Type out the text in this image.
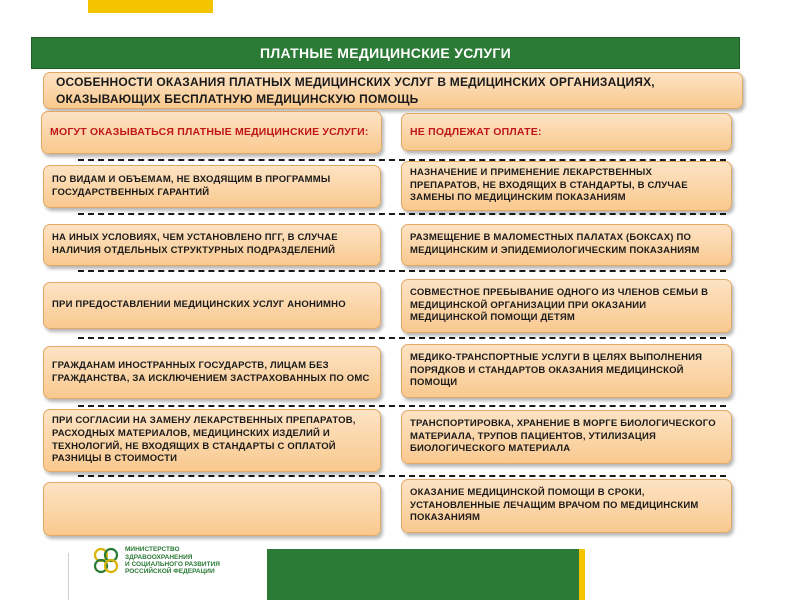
ПЛАТНЫЕ МЕДИЦИНСКИЕ УСЛУГИ
ОСОБЕННОСТИ ОКАЗАНИЯ ПЛАТНЫХ МЕДИЦИНСКИХ УСЛУГ В МЕДИЦИНСКИХ ОРГАНИЗАЦИЯХ, ОКАЗЫВАЮЩИХ БЕСПЛАТНУЮ МЕДИЦИНСКУЮ ПОМОЩЬ
МОГУТ ОКАЗЫВАТЬСЯ ПЛАТНЫЕ МЕДИЦИНСКИЕ УСЛУГИ:	НЕ ПОДЛЕЖАТ ОПЛАТЕ:
ПО ВИДАМ И ОБЪЕМАМ, НЕ ВХОДЯЩИМ В ПРОГРАММЫ ГОСУДАРСТВЕННЫХ ГАРАНТИЙ
НА ИНЫХ УСЛОВИЯХ, ЧЕМ УСТАНОВЛЕНО ПГГ, В СЛУЧАЕ НАЛИЧИЯ ОТДЕЛЬНЫХ СТРУКТУРНЫХ ПОДРАЗДЕЛЕНИЙ
ПРИ ПРЕДОСТАВЛЕНИИ МЕДИЦИНСКИХ УСЛУГ АНОНИМНО
ГРАЖДАНАМ ИНОСТРАННЫХ ГОСУДАРСТВ, ЛИЦАМ БЕЗ ГРАЖДАНСТВА, ЗА ИСКЛЮЧЕНИЕМ ЗАСТРАХОВАННЫХ ПО ОМС
ПРИ СОГЛАСИИ НА ЗАМЕНУ ЛЕКАРСТВЕННЫХ ПРЕПАРАТОВ, РАСХОДНЫХ МАТЕРИАЛОВ, МЕДИЦИНСКИХ ИЗДЕЛИЙ И ТЕХНОЛОГИЙ, НЕ ВХОДЯЩИХ В СТАНДАРТЫ С ОПЛАТОЙ РАЗНИЦЫ В СТОИМОСТИ
НАЗНАЧЕНИЕ И ПРИМЕНЕНИЕ ЛЕКАРСТВЕННЫХ ПРЕПАРАТОВ, НЕ ВХОДЯЩИХ В СТАНДАРТЫ, В СЛУЧАЕ ЗАМЕНЫ ПО МЕДИЦИНСКИМ ПОКАЗАНИЯМ
РАЗМЕЩЕНИЕ В МАЛОМЕСТНЫХ ПАЛАТАХ (БОКСАХ) ПО МЕДИЦИНСКИМ И ЭПИДЕМИОЛОГИЧЕСКИМ ПОКАЗАНИЯМ
СОВМЕСТНОЕ ПРЕБЫВАНИЕ ОДНОГО ИЗ ЧЛЕНОВ СЕМЬИ В МЕДИЦИНСКОЙ ОРГАНИЗАЦИИ ПРИ ОКАЗАНИИ МЕДИЦИНСКОЙ ПОМОЩИ ДЕТЯМ
МЕДИКО-ТРАНСПОРТНЫЕ УСЛУГИ В ЦЕЛЯХ ВЫПОЛНЕНИЯ ПОРЯДКОВ И СТАНДАРТОВ ОКАЗАНИЯ МЕДИЦИНСКОЙ ПОМОЩИ
ТРАНСПОРТИРОВКА, ХРАНЕНИЕ В МОРГЕ БИОЛОГИЧЕСКОГО МАТЕРИАЛА, ТРУПОВ ПАЦИЕНТОВ, УТИЛИЗАЦИЯ БИОЛОГИЧЕСКОГО МАТЕРИАЛА
ОКАЗАНИЕ МЕДИЦИНСКОЙ ПОМОЩИ В СРОКИ, УСТАНОВЛЕННЫЕ ЛЕЧАЩИМ ВРАЧОМ ПО МЕДИЦИНСКИМ ПОКАЗАНИЯМ
МИНИСТЕРСТВО
ЗДРАВООХРАНЕНИЯ
И СОЦИАЛЬНОГО РАЗВИТИЯ
РОССИЙСКОЙ ФЕДЕРАЦИИ
